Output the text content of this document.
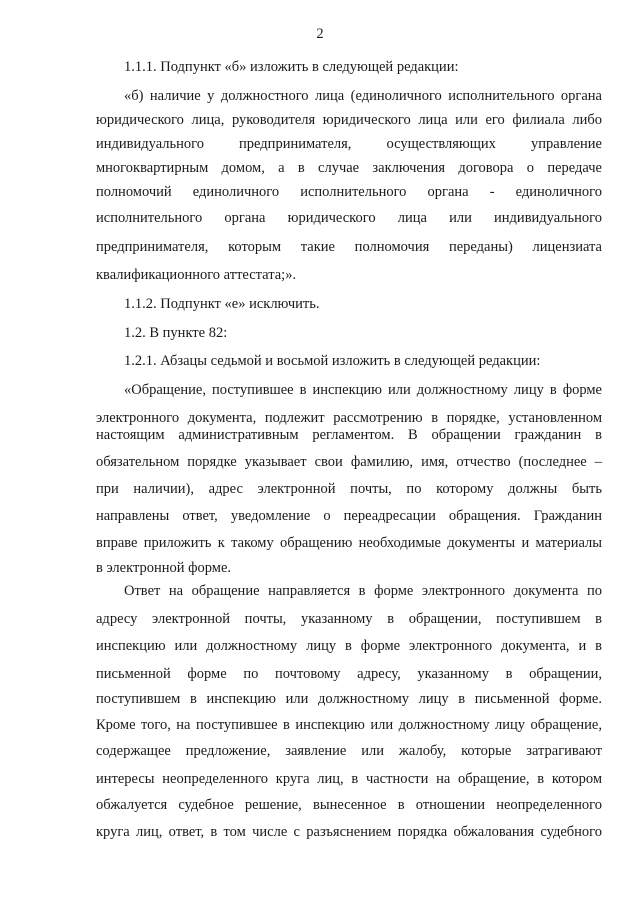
2
1.1.1. Подпункт «б» изложить в следующей редакции:
«б) наличие у должностного лица (единоличного исполнительного органа
юридического лица, руководителя юридического лица или его филиала либо
индивидуального предпринимателя, осуществляющих управление
многоквартирным домом, а в случае заключения договора о передаче
полномочий единоличного исполнительного органа - единоличного
исполнительного органа юридического лица или индивидуального
предпринимателя, которым такие полномочия переданы) лицензиата
квалификационного аттестата;».
1.1.2. Подпункт «е» исключить.
1.2. В пункте 82:
1.2.1. Абзацы седьмой и восьмой изложить в следующей редакции:
«Обращение, поступившее в инспекцию или должностному лицу в форме
электронного документа, подлежит рассмотрению в порядке, установленном
настоящим административным регламентом. В обращении гражданин в
обязательном порядке указывает свои фамилию, имя, отчество (последнее –
при наличии), адрес электронной почты, по которому должны быть
направлены ответ, уведомление о переадресации обращения. Гражданин
вправе приложить к такому обращению необходимые документы и материалы
в электронной форме.
Ответ на обращение направляется в форме электронного документа по
адресу электронной почты, указанному в обращении, поступившем в
инспекцию или должностному лицу в форме электронного документа, и в
письменной форме по почтовому адресу, указанному в обращении,
поступившем в инспекцию или должностному лицу в письменной форме.
Кроме того, на поступившее в инспекцию или должностному лицу обращение,
содержащее предложение, заявление или жалобу, которые затрагивают
интересы неопределенного круга лиц, в частности на обращение, в котором
обжалуется судебное решение, вынесенное в отношении неопределенного
круга лиц, ответ, в том числе с разъяснением порядка обжалования судебного
